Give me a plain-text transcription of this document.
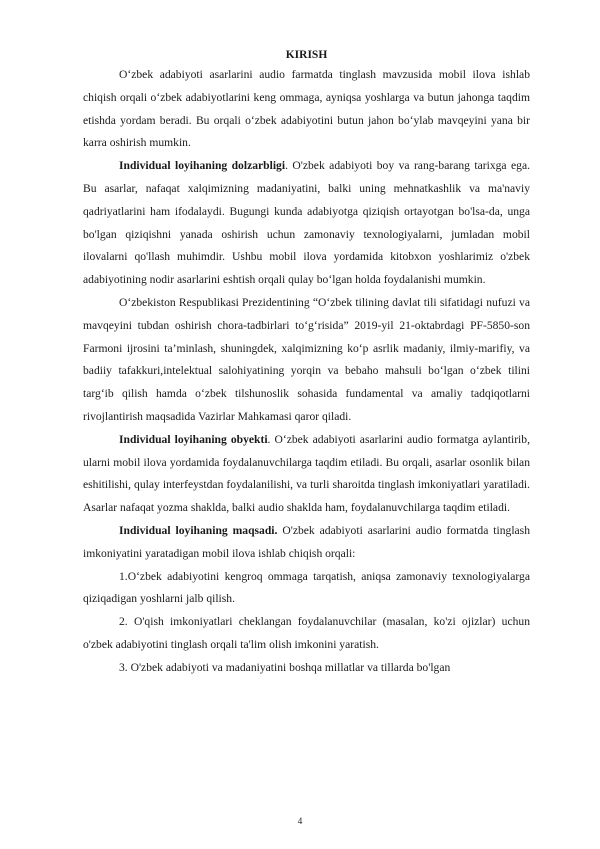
KIRISH

O‘zbek adabiyoti asarlarini audio farmatda tinglash mavzusida mobil ilova ishlab chiqish orqali o‘zbek adabiyotlarini keng ommaga, ayniqsa yoshlarga va butun jahonga taqdim etishda yordam beradi. Bu orqali o‘zbek adabiyotini butun jahon bo‘ylab mavqeyini yana bir karra oshirish mumkin.

Individual loyihaning dolzarbligi. O'zbek adabiyoti boy va rang-barang tarixga ega. Bu asarlar, nafaqat xalqimizning madaniyatini, balki uning mehnatkashlik va ma'naviy qadriyatlarini ham ifodalaydi. Bugungi kunda adabiyotga qiziqish ortayotgan bo'lsa-da, unga bo'lgan qiziqishni yanada oshirish uchun zamonaviy texnologiyalarni, jumladan mobil ilovalarni qo'llash muhimdir. Ushbu mobil ilova yordamida kitobxon yoshlarimiz o'zbek adabiyotining nodir asarlarini eshtish orqali qulay bo‘lgan holda foydalanishi mumkin.

O‘zbekiston Respublikasi Prezidentining “O‘zbek tilining davlat tili sifatidagi nufuzi va mavqeyini tubdan oshirish chora-tadbirlari to‘g‘risida” 2019-yil 21-oktabrdagi PF-5850-son Farmoni ijrosini ta’minlash, shuningdek, xalqimizning ko‘p asrlik madaniy, ilmiy-marifiy, va badiiy tafakkuri,intelektual salohiyatining yorqin va bebaho mahsuli bo‘lgan o‘zbek tilini targ‘ib qilish hamda o‘zbek tilshunoslik sohasida fundamental va amaliy tadqiqotlarni rivojlantirish maqsadida Vazirlar Mahkamasi qaror qiladi.

Individual loyihaning obyekti. O‘zbek adabiyoti asarlarini audio formatga aylantirib, ularni mobil ilova yordamida foydalanuvchilarga taqdim etiladi. Bu orqali, asarlar osonlik bilan eshitilishi, qulay interfeystdan foydalanilishi, va turli sharoitda tinglash imkoniyatlari yaratiladi. Asarlar nafaqat yozma shaklda, balki audio shaklda ham, foydalanuvchilarga taqdim etiladi.

Individual loyihaning maqsadi. O'zbek adabiyoti asarlarini audio formatda tinglash imkoniyatini yaratadigan mobil ilova ishlab chiqish orqali:

1.O‘zbek adabiyotini kengroq ommaga tarqatish, aniqsa zamonaviy texnologiyalarga qiziqadigan yoshlarni jalb qilish.

2. O'qish imkoniyatlari cheklangan foydalanuvchilar (masalan, ko'zi ojizlar) uchun o'zbek adabiyotini tinglash orqali ta'lim olish imkonini yaratish.

3. O'zbek adabiyoti va madaniyatini boshqa millatlar va tillarda bo'lgan

4
